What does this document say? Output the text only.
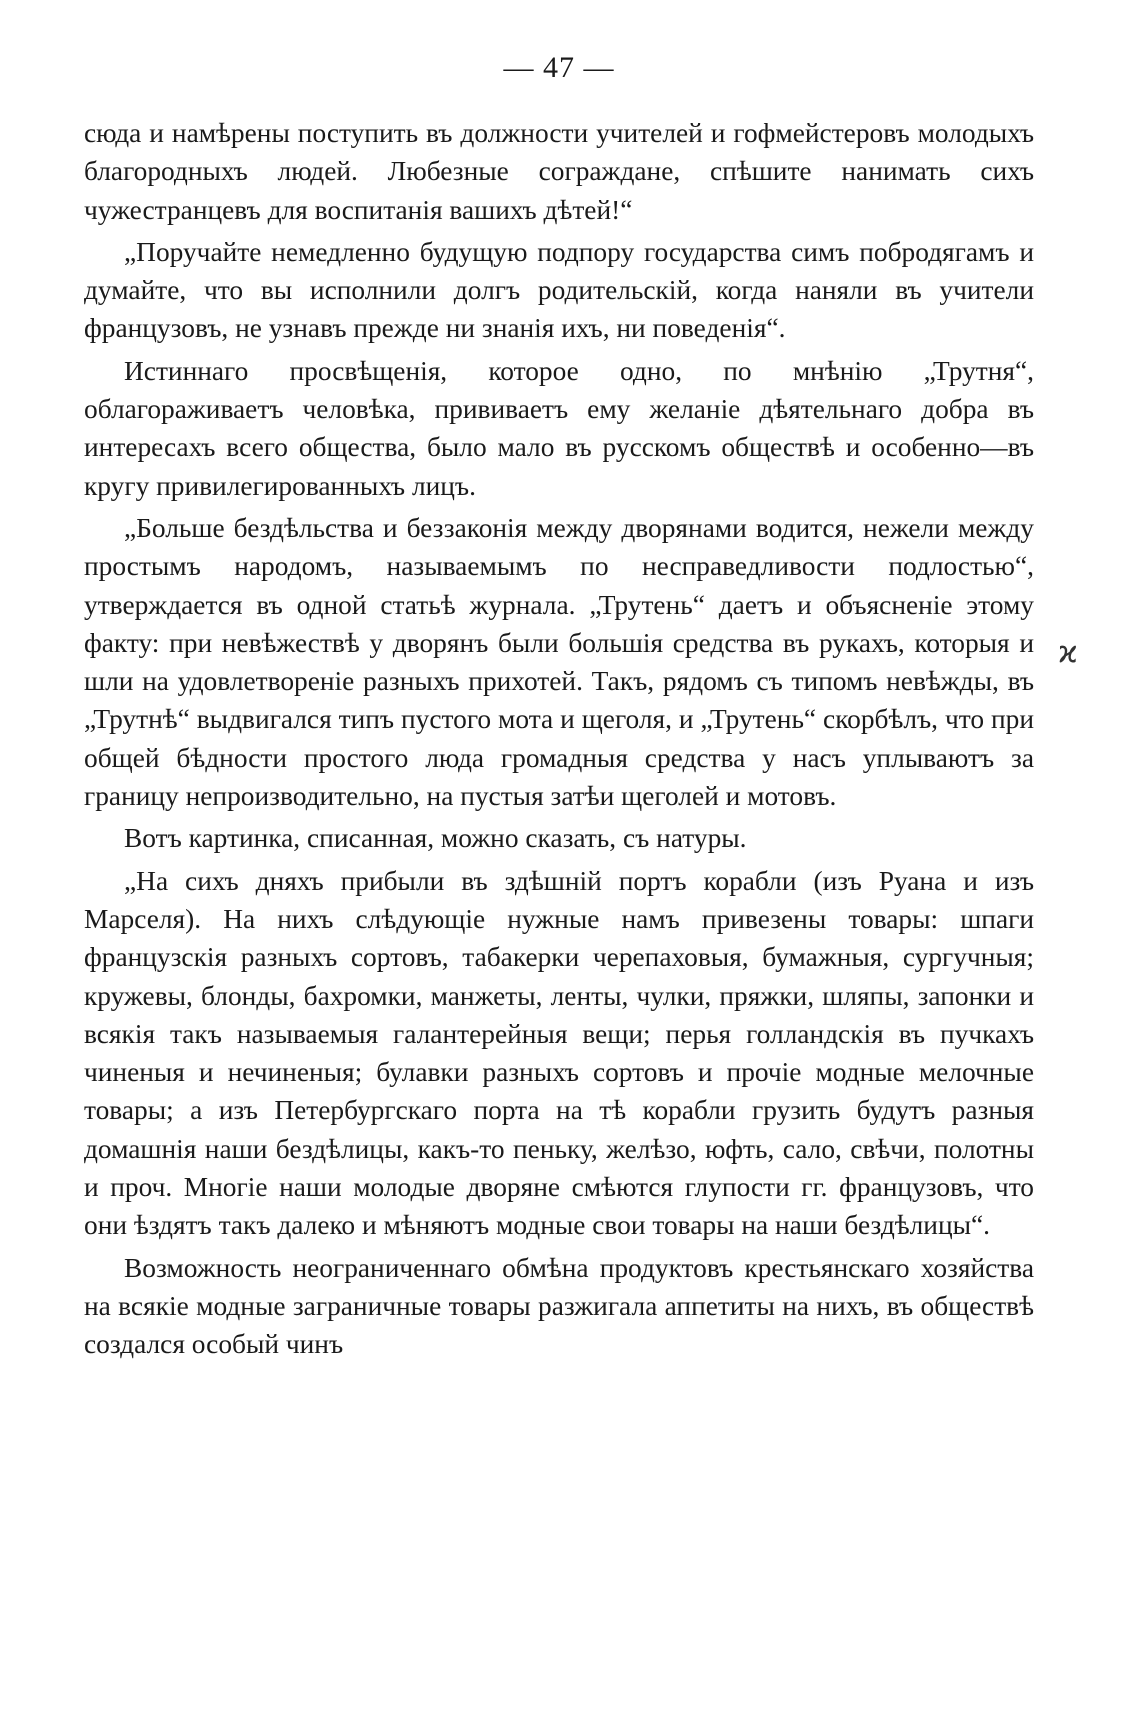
— 47 —

сюда и намѣрены поступить въ должности учителей и гофмейстеровъ молодыхъ благородныхъ людей. Любезные сограждане, спѣшите нанимать сихъ чужестранцевъ для воспитанія вашихъ дѣтей!“

„Поручайте немедленно будущую подпору государства симъ побродягамъ и думайте, что вы исполнили долгъ родительскій, когда наняли въ учители французовъ, не узнавъ прежде ни знанія ихъ, ни поведенія“.

Истиннаго просвѣщенія, которое одно, по мнѣнію „Трутня“, облагораживаетъ человѣка, прививаетъ ему желаніе дѣятельнаго добра въ интересахъ всего общества, было мало въ русскомъ обществѣ и особенно—въ кругу привилегированныхъ лицъ.

„Больше бездѣльства и беззаконія между дворянами водится, нежели между простымъ народомъ, называемымъ по несправедливости подлостью“, утверждается въ одной статьѣ журнала. „Трутень“ даетъ и объясненіе этому факту: при невѣжествѣ у дворянъ были большія средства въ рукахъ, которыя и шли на удовлетвореніе разныхъ прихотей. Такъ, рядомъ съ типомъ невѣжды, въ „Трутнѣ“ выдвигался типъ пустого мота и щеголя, и „Трутень“ скорбѣлъ, что при общей бѣдности простого люда громадныя средства у насъ уплываютъ за границу непроизводительно, на пустыя затѣи щеголей и мотовъ.

Вотъ картинка, списанная, можно сказать, съ натуры.

„На сихъ дняхъ прибыли въ здѣшній портъ корабли (изъ Руана и изъ Марселя). На нихъ слѣдующіе нужные намъ привезены товары: шпаги французскія разныхъ сортовъ, табакерки черепаховыя, бумажныя, сургучныя; кружевы, блонды, бахромки, манжеты, ленты, чулки, пряжки, шляпы, запонки и всякія такъ называемыя галантерейныя вещи; перья голландскія въ пучкахъ чиненыя и нечиненыя; булавки разныхъ сортовъ и прочіе модные мелочные товары; а изъ Петербургскаго порта на тѣ корабли грузить будутъ разныя домашнія наши бездѣлицы, какъ-то пеньку, желѣзо, юфть, сало, свѣчи, полотны и проч. Многіе наши молодые дворяне смѣются глупости гг. французовъ, что они ѣздятъ такъ далеко и мѣняютъ модные свои товары на наши бездѣлицы“.

Возможность неограниченнаго обмѣна продуктовъ крестьянскаго хозяйства на всякіе модные заграничные товары разжигала аппетиты на нихъ, въ обществѣ создался особый чинъ

ϰ
